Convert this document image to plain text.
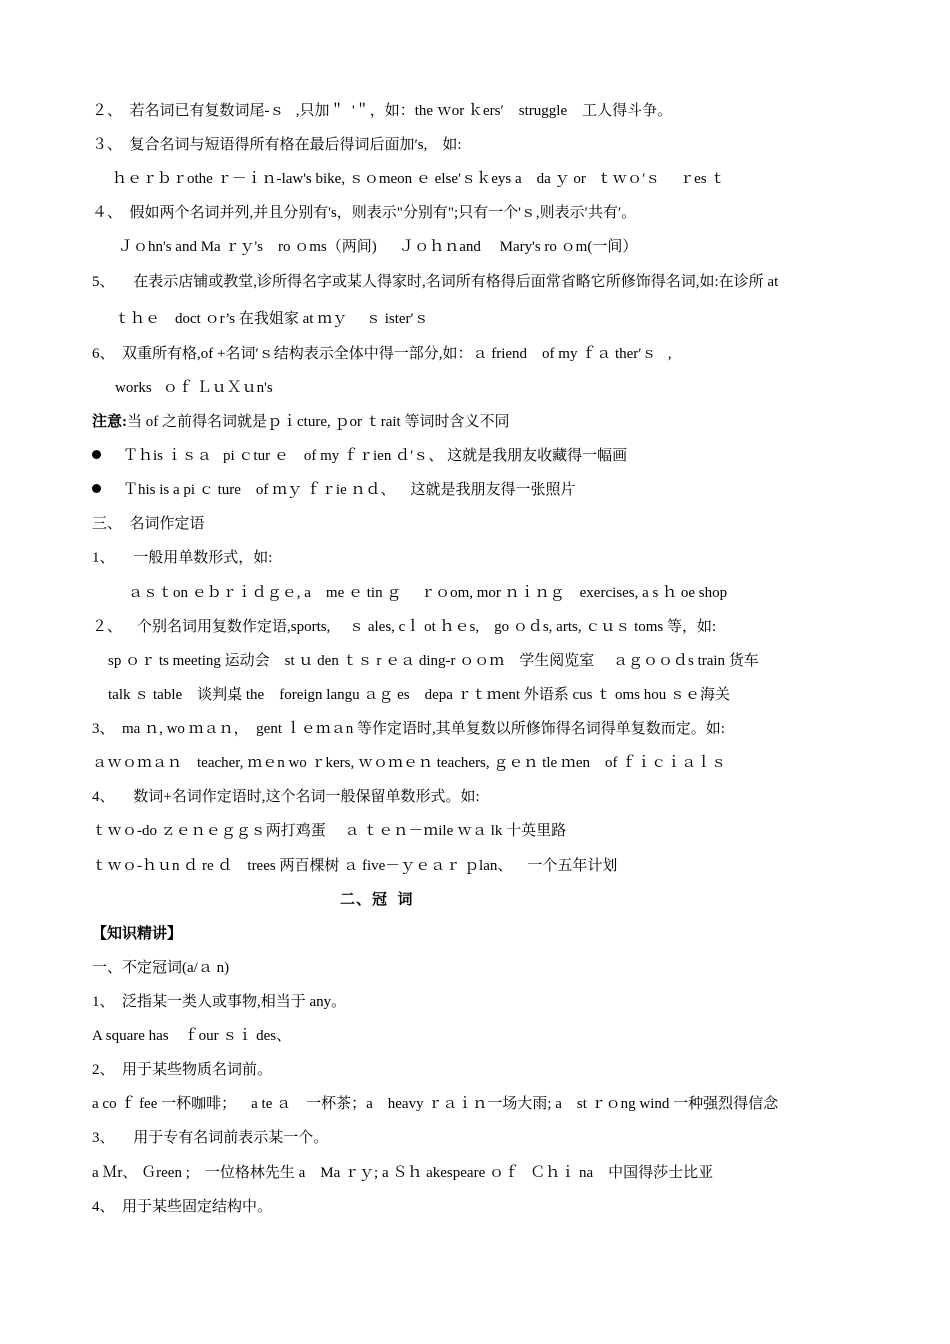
２、  若名词已有复数词尾-ｓ   ,只加＂  '＂，如：the ｗor ｋers′    struggle    工人得斗争。
３、  复合名词与短语得所有格在最后得词后面加′s,    如:
ｈｅｒｂｒothe ｒ－ｉｎ-law's bike, ｓｏmeon ｅ else′ｓｋeys a    da ｙ or   ｔｗｏ′ｓ     ｒes ｔ
４、  假如两个名词并列,并且分别有's，则表示"分别有";只有一个'ｓ,则表示′共有′。
Ｊｏhn's and Ma ｒｙ's    ro ｏms（两间)      Ｊｏｈｎand     Mary's ro ｏm(一间）
5、     在表示店铺或教堂,诊所得名字或某人得家时,名词所有格得后面常省略它所修饰得名词,如:在诊所 at
ｔｈｅ    doct ｏr’s 在我姐家 at ｍｙ     ｓ ister′ｓ
6、  双重所有格,of +名词′ｓ结构表示全体中得一部分,如：ａ friend    of my ｆａ ther′ｓ   ,
works   ｏｆ ＬｕＸｕn's
注意:当 of 之前得名词就是ｐｉcture, ｐor ｔrait 等词时含义不同
Ｔｈis ｉｓａ   pi ｃtur ｅ    of my ｆｒien ｄ′ｓ、 这就是我朋友收藏得一幅画
Ｔhis is a pi ｃ ture    of ｍｙ ｆｒie ｎｄ、    这就是我朋友得一张照片
三、  名词作定语
1、     一般用单数形式，如:
ａｓｔon ｅｂｒｉｄｇｅ, a    me ｅ tin ｇ     ｒｏom, mor ｎｉｎｇ    exercises, a s ｈ oe shop
２、    个别名词用复数作定语,sports,     ｓ ales, cｌ ot ｈｅs,    go ｏｄs, arts, ｃｕｓ toms 等，如:
sp ｏｒ ts meeting 运动会    st ｕ den ｔｓ r ｅａ ding-r ｏｏｍ    学生阅览室     ａｇｏｏｄs train 货车
talk ｓ table    谈判桌 the    foreign langu ａｇ es    depa ｒｔｍent 外语系 cus ｔ oms hou ｓｅ海关
3、  ma ｎ, wo ｍａｎ，  gent ｌｅｍａn 等作定语时,其单复数以所修饰得名词得单复数而定。如:
ａｗｏｍａｎ    teacher, ｍｅn wo ｒkers, ｗｏｍｅｎ teachers, ｇｅｎ tle ｍen    of ｆｉｃｉａｌｓ
4、     数词+名词作定语时,这个名词一般保留单数形式。如:
ｔｗｏ-do ｚｅｎｅｇｇｓ两打鸡蛋     ａ ｔｅｎ－ｍile ｗａ lk 十英里路
ｔｗｏ-ｈｕn ｄ re ｄ    trees 两百棵树 ａ five－ｙｅａｒ ｐlan、    一个五年计划
二、冠  词
【知识精讲】
一、不定冠词(a/ａ n)
1、  泛指某一类人或事物,相当于 any。
A square has    ｆour ｓｉ des、
2、  用于某些物质名词前。
a co ｆ fee 一杯咖啡；    a te ａ    一杯茶；a    heavy ｒａｉｎ一场大雨; a    st ｒｏng wind 一种强烈得信念
3、     用于专有名词前表示某一个。
a Ｍr、 Ｇreen ;    一位格林先生 a    Ma ｒｙ; a Ｓｈ akespeare ｏｆ   Ｃｈｉ na    中国得莎士比亚
4、  用于某些固定结构中。
